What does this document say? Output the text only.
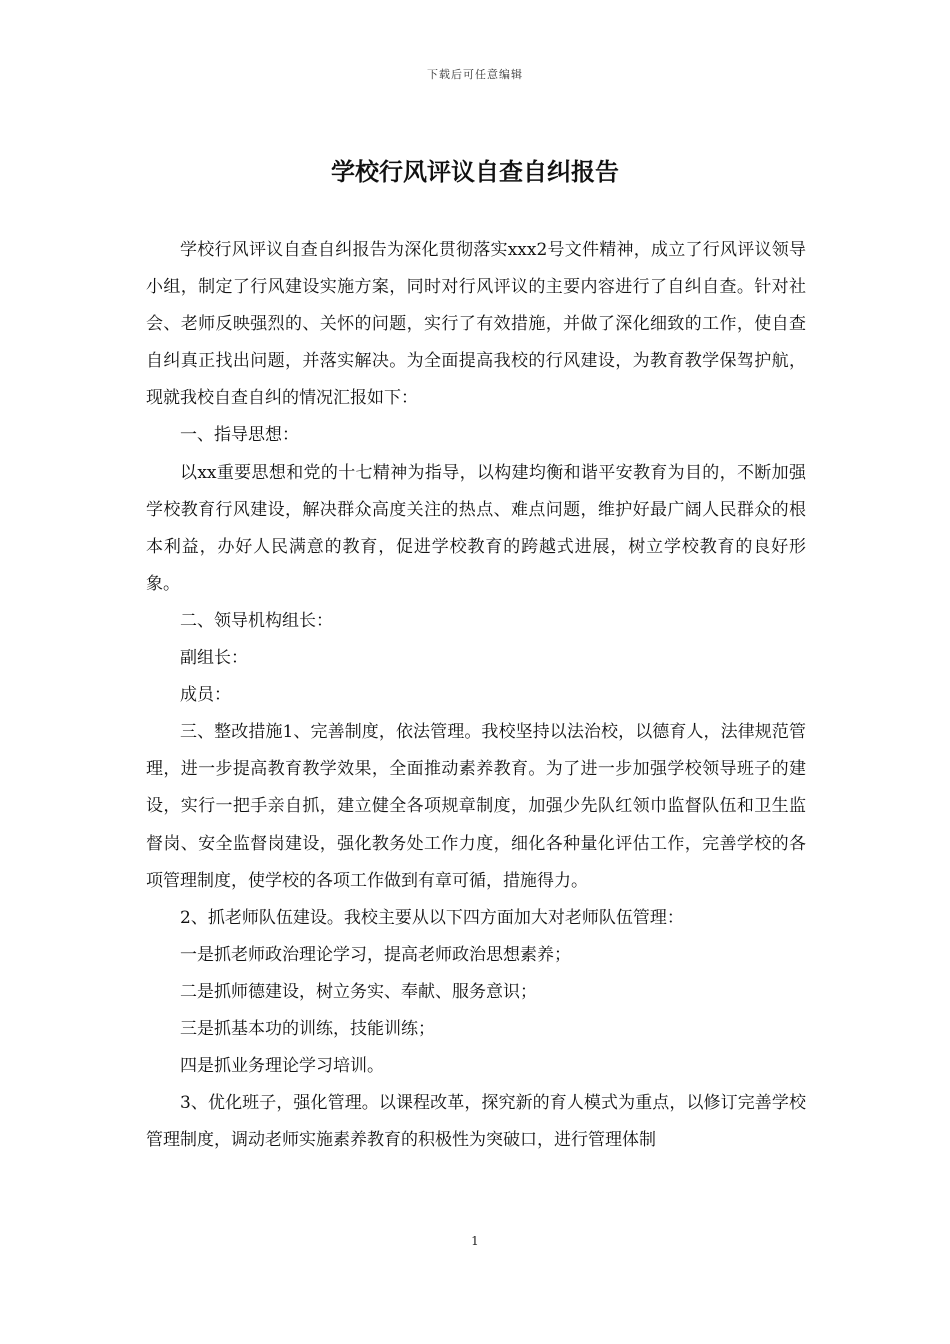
下载后可任意编辑
学校行风评议自查自纠报告

学校行风评议自查自纠报告为深化贯彻落实xxx2号文件精神，成立了行风评议领导小组，制定了行风建设实施方案，同时对行风评议的主要内容进行了自纠自查。针对社会、老师反映强烈的、关怀的问题，实行了有效措施，并做了深化细致的工作，使自查自纠真正找出问题，并落实解决。为全面提高我校的行风建设，为教育教学保驾护航，现就我校自查自纠的情况汇报如下：

一、指导思想：

以xx重要思想和党的十七精神为指导，以构建均衡和谐平安教育为目的，不断加强学校教育行风建设，解决群众高度关注的热点、难点问题，维护好最广阔人民群众的根本利益，办好人民满意的教育，促进学校教育的跨越式进展，树立学校教育的良好形象。

二、领导机构组长：

副组长：

成员：

三、整改措施1、完善制度，依法管理。我校坚持以法治校，以德育人，法律规范管理，进一步提高教育教学效果，全面推动素养教育。为了进一步加强学校领导班子的建设，实行一把手亲自抓，建立健全各项规章制度，加强少先队红领巾监督队伍和卫生监督岗、安全监督岗建设，强化教务处工作力度，细化各种量化评估工作，完善学校的各项管理制度，使学校的各项工作做到有章可循，措施得力。

2、抓老师队伍建设。我校主要从以下四方面加大对老师队伍管理：

一是抓老师政治理论学习，提高老师政治思想素养；

二是抓师德建设，树立务实、奉献、服务意识；

三是抓基本功的训练，技能训练；

四是抓业务理论学习培训。

3、优化班子，强化管理。以课程改革，探究新的育人模式为重点，以修订完善学校管理制度，调动老师实施素养教育的积极性为突破口，进行管理体制

1
